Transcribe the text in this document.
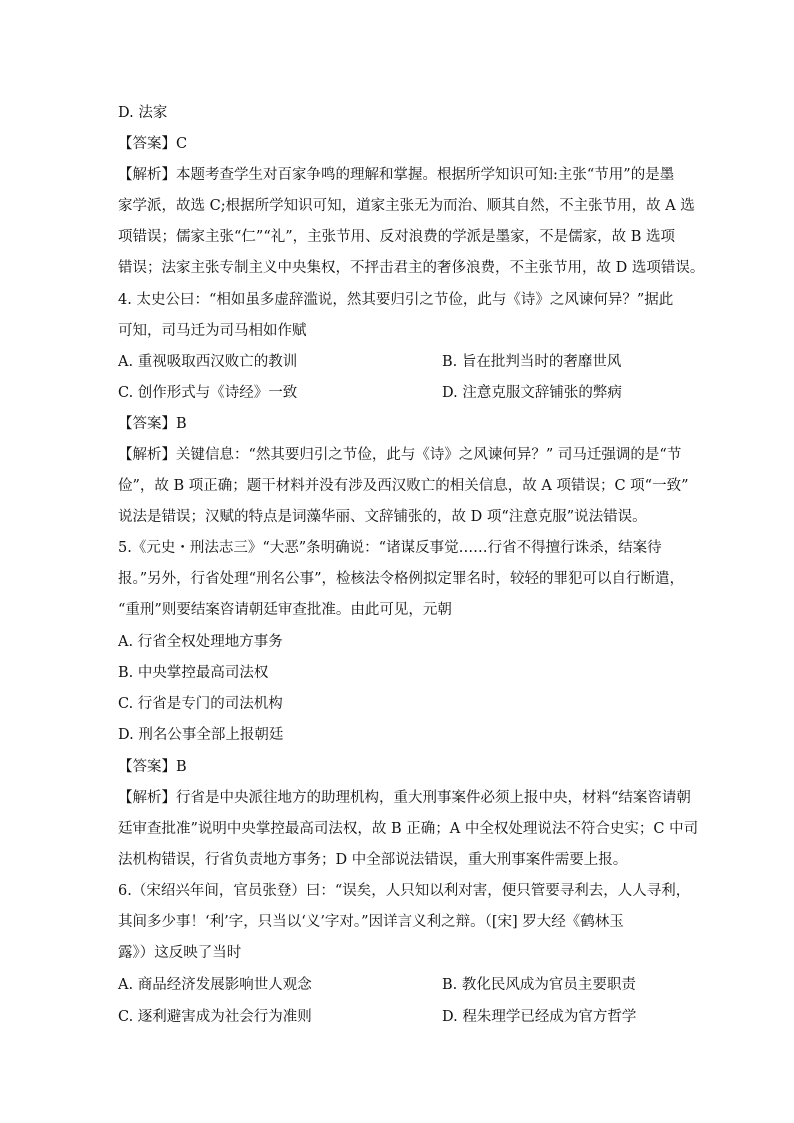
D. 法家
【答案】C
【解析】本题考查学生对百家争鸣的理解和掌握。根据所学知识可知:主张“节用”的是墨
家学派，故选 C;根据所学知识可知，道家主张无为而治、顺其自然，不主张节用，故 A 选
项错误；儒家主张“仁”“礼”，主张节用、反对浪费的学派是墨家，不是儒家，故 B 选项
错误；法家主张专制主义中央集权，不抨击君主的奢侈浪费，不主张节用，故 D 选项错误。
4. 太史公曰：“相如虽多虚辞滥说，然其要归引之节俭，此与《诗》之风谏何异？”据此
可知，司马迁为司马相如作赋
A. 重视吸取西汉败亡的教训	B. 旨在批判当时的奢靡世风
C. 创作形式与《诗经》一致	D. 注意克服文辞铺张的弊病
【答案】B
【解析】关键信息：“然其要归引之节俭，此与《诗》之风谏何异？” 司马迁强调的是“节
俭”，故 B 项正确；题干材料并没有涉及西汉败亡的相关信息，故 A 项错误；C 项“一致”
说法是错误；汉赋的特点是词藻华丽、文辞铺张的，故 D 项“注意克服”说法错误。
5.《元史・刑法志三》“大恶”条明确说：“诸谋反事觉……行省不得擅行诛杀，结案待
报。”另外，行省处理“刑名公事”，检核法令格例拟定罪名时，较轻的罪犯可以自行断遣，
“重刑”则要结案咨请朝廷审查批准。由此可见，元朝
A. 行省全权处理地方事务
B. 中央掌控最高司法权
C. 行省是专门的司法机构
D. 刑名公事全部上报朝廷
【答案】B
【解析】行省是中央派往地方的助理机构，重大刑事案件必须上报中央，材料“结案咨请朝
廷审查批准”说明中央掌控最高司法权，故 B 正确；A 中全权处理说法不符合史实；C 中司
法机构错误，行省负责地方事务；D 中全部说法错误，重大刑事案件需要上报。
6.（宋绍兴年间，官员张登）曰：“误矣，人只知以利对害，便只管要寻利去，人人寻利，
其间多少事！‘利’字，只当以‘义’字对。”因详言义利之辩。（[宋] 罗大经《鹤林玉
露》）这反映了当时
A. 商品经济发展影响世人观念	B. 教化民风成为官员主要职责
C. 逐利避害成为社会行为准则	D. 程朱理学已经成为官方哲学
